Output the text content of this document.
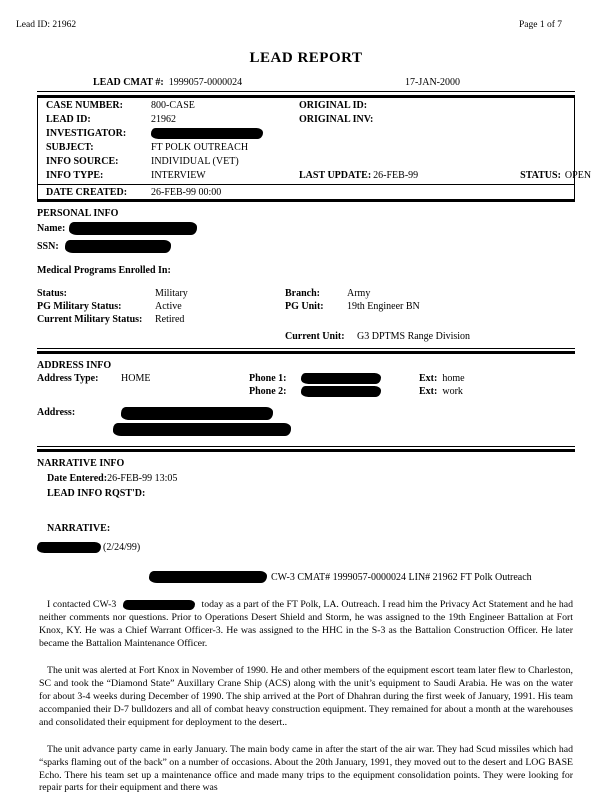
Lead ID: 21962	Page 1 of 7
LEAD REPORT
LEAD CMAT #: 1999057-0000024	17-JAN-2000
CASE NUMBER:	800-CASE	ORIGINAL ID:
LEAD ID:	21962	ORIGINAL INV:
INVESTIGATOR:
SUBJECT:	FT POLK OUTREACH
INFO SOURCE:	INDIVIDUAL (VET)
INFO TYPE:	INTERVIEW	LAST UPDATE: 26-FEB-99	STATUS: OPEN
DATE CREATED:	26-FEB-99 00:00
PERSONAL INFO
Name:
SSN:
Medical Programs Enrolled In:
Status:	Military	Branch:	Army
PG Military Status:	Active	PG Unit:	19th Engineer BN
Current Military Status:	Retired
Current Unit:	G3 DPTMS Range Division
ADDRESS INFO
Address Type:	HOME	Phone 1:	Ext: home
Phone 2:	Ext: work
Address:
NARRATIVE INFO
Date Entered: 26-FEB-99 13:05
LEAD INFO RQST'D:
NARRATIVE:
(2/24/99)
CW-3 CMAT# 1999057-0000024 LIN# 21962 FT Polk Outreach

I contacted CW-3	today as a part of the FT Polk, LA. Outreach. I read him the Privacy Act Statement and he had neither comments nor questions. Prior to Operations Desert Shield and Storm, he was assigned to the 19th Engineer Battalion at Fort Knox, KY. He was a Chief Warrant Officer-3. He was assigned to the HHC in the S-3 as the Battalion Construction Officer. He later became the Battalion Maintenance Officer.

The unit was alerted at Fort Knox in November of 1990. He and other members of the equipment escort team later flew to Charleston, SC and took the “Diamond State” Auxillary Crane Ship (ACS) along with the unit’s equipment to Saudi Arabia. He was on the water for about 3-4 weeks during December of 1990. The ship arrived at the Port of Dhahran during the first week of January, 1991. His team accompanied their D-7 bulldozers and all of combat heavy construction equipment. They remained for about a month at the warehouses and consolidated their equipment for deployment to the desert..

The unit advance party came in early January. The main body came in after the start of the air war. They had Scud missiles which had “sparks flaming out of the back” on a number of occasions. About the 20th January, 1991, they moved out to the desert and LOG BASE Echo. There his team set up a maintenance office and made many trips to the equipment consolidation points. They were looking for repair parts for their equipment and there was
